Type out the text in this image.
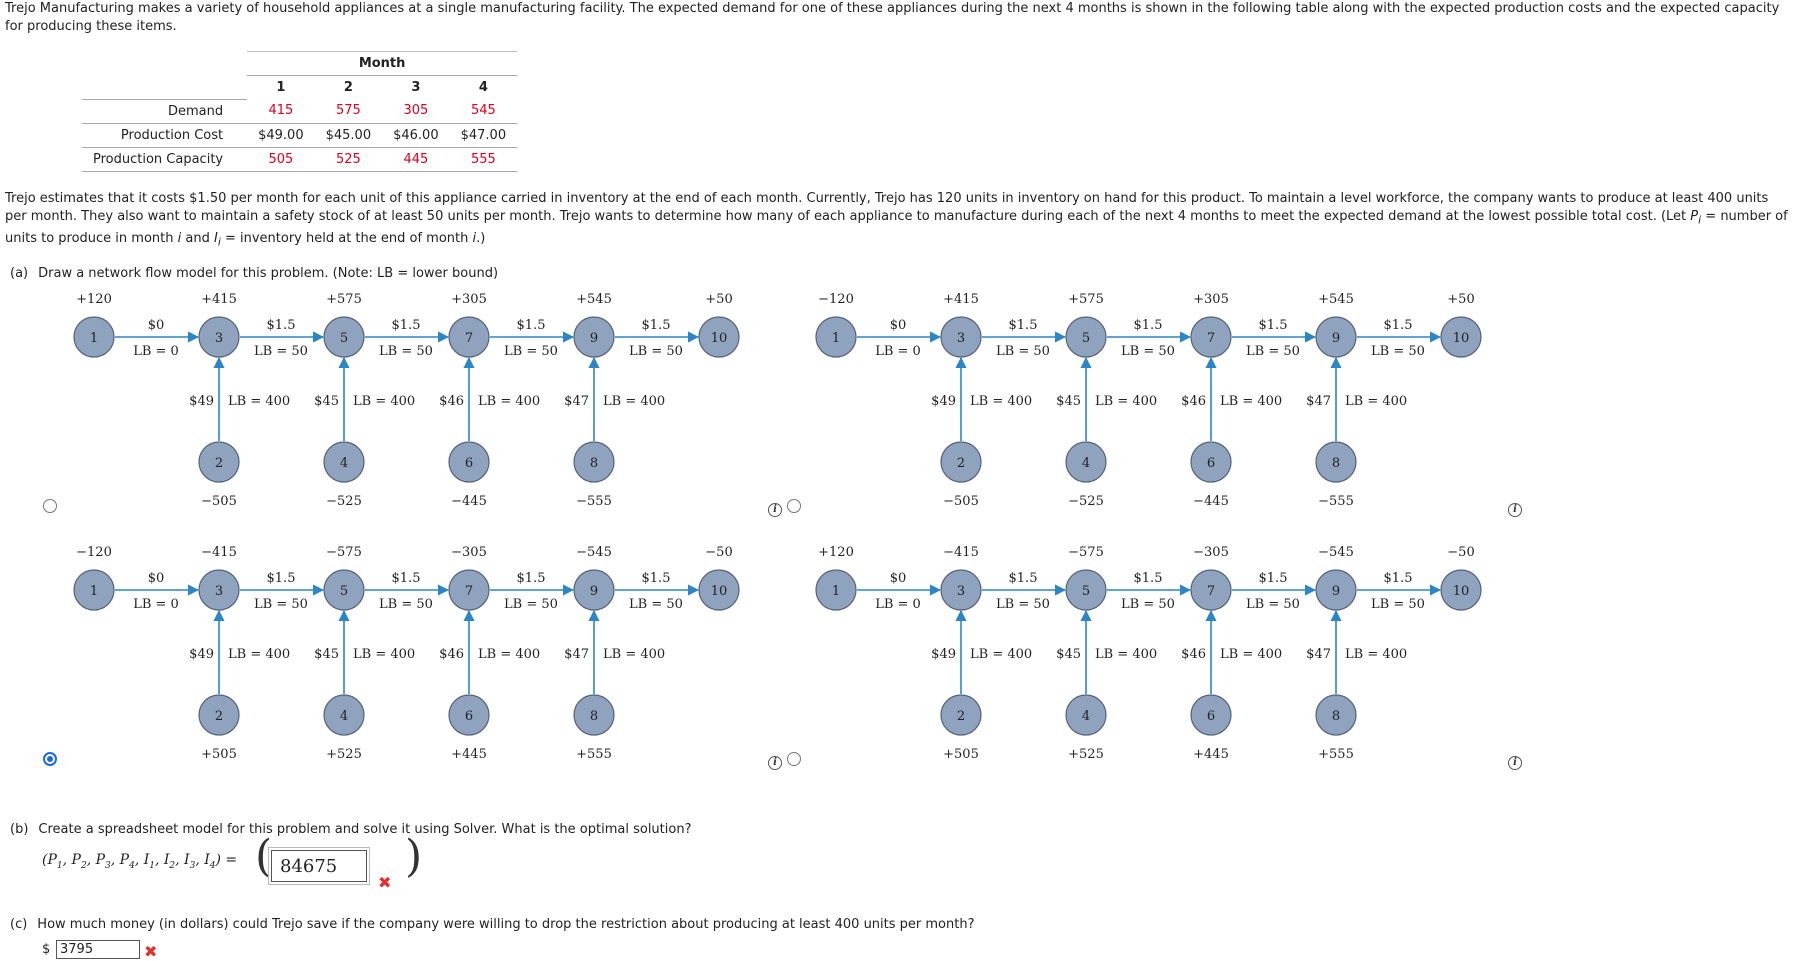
Trejo Manufacturing makes a variety of household appliances at a single manufacturing facility. The expected demand for one of these appliances during the next 4 months is shown in the following table along with the expected production costs and the expected capacity for producing these items.

	Month			
	1	2	3	4
Demand	415	575	305	545
Production Cost	$49.00	$45.00	$46.00	$47.00
Production Capacity	505	525	445	555

Trejo estimates that it costs $1.50 per month for each unit of this appliance carried in inventory at the end of each month. Currently, Trejo has 120 units in inventory on hand for this product. To maintain a level workforce, the company wants to produce at least 400 units per month. They also want to maintain a safety stock of at least 50 units per month. Trejo wants to determine how many of each appliance to manufacture during each of the next 4 months to meet the expected demand at the lowest possible total cost. (Let $P_i$ = number of units to produce in month i and $I_i$ = inventory held at the end of month i.)

(a) Draw a network flow model for this problem. (Note: LB = lower bound)
$0
LB = 0
$1.5
LB = 50
$1.5
LB = 50
$1.5
LB = 50
$1.5
LB = 50
$49 LB = 400 $45 LB = 400 $46 LB = 400 $47 LB = 400
1
+120
3
+415
5
+575
7
+305
9
+545
10
+50
2
−505
4
−525
6
−445
8
−555
$0
LB = 0
$1.5
LB = 50
$1.5
LB = 50
$1.5
LB = 50
$1.5
LB = 50
$49 LB = 400 $45 LB = 400 $46 LB = 400 $47 LB = 400
1
−120
3
+415
5
+575
7
+305
9
+545
10
+50
2
−505
4
−525
6
−445
8
−555
$0
LB = 0
$1.5
LB = 50
$1.5
LB = 50
$1.5
LB = 50
$1.5
LB = 50
$49 LB = 400 $45 LB = 400 $46 LB = 400 $47 LB = 400
1
−120
3
−415
5
−575
7
−305
9
−545
10
−50
2
+505
4
+525
6
+445
8
+555
$0
LB = 0
$1.5
LB = 50
$1.5
LB = 50
$1.5
LB = 50
$1.5
LB = 50
$49 LB = 400 $45 LB = 400 $46 LB = 400 $47 LB = 400
1
+120
3
−415
5
−575
7
−305
9
−545
10
−50
2
+505
4
+525
6
+445
8
+555
i	i
i	i
(b) Create a spreadsheet model for this problem and solve it using Solver. What is the optimal solution?
($P_1$, $P_2$, $P_3$, $P_4$, $I_1$, $I_2$, $I_3$, $I_4$) = ( 84675
✖
)
(c) How much money (in dollars) could Trejo save if the company were willing to drop the restriction about producing at least 400 units per month?
$ 3795	✖
